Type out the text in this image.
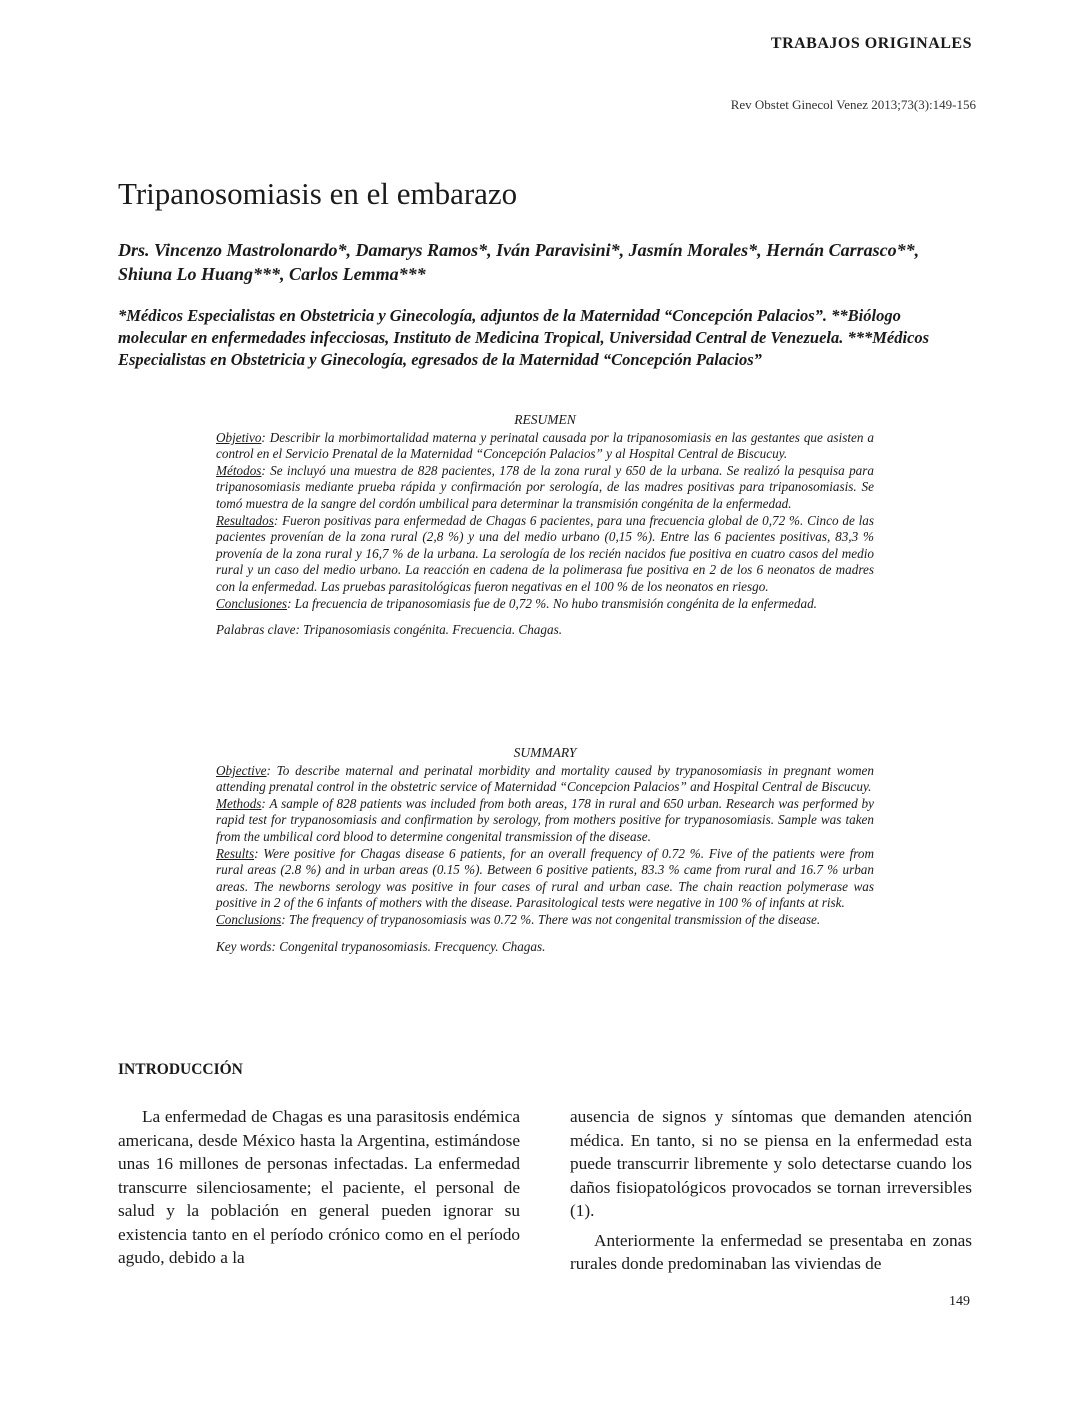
TRABAJOS ORIGINALES
Rev Obstet Ginecol Venez 2013;73(3):149-156
Tripanosomiasis en el embarazo

Drs. Vincenzo Mastrolonardo*, Damarys Ramos*, Iván Paravisini*, Jasmín Morales*, Hernán Carrasco**, Shiuna Lo Huang***, Carlos Lemma***

*Médicos Especialistas en Obstetricia y Ginecología, adjuntos de la Maternidad “Concepción Palacios”. **Biólogo molecular en enfermedades infecciosas, Instituto de Medicina Tropical, Universidad Central de Venezuela. ***Médicos Especialistas en Obstetricia y Ginecología, egresados de la Maternidad “Concepción Palacios”

RESUMEN

Objetivo: Describir la morbimortalidad materna y perinatal causada por la tripanosomiasis en las gestantes que asisten a control en el Servicio Prenatal de la Maternidad “Concepción Palacios” y al Hospital Central de Biscucuy.

Métodos: Se incluyó una muestra de 828 pacientes, 178 de la zona rural y 650 de la urbana. Se realizó la pesquisa para tripanosomiasis mediante prueba rápida y confirmación por serología, de las madres positivas para tripanosomiasis. Se tomó muestra de la sangre del cordón umbilical para determinar la transmisión congénita de la enfermedad.

Resultados: Fueron positivas para enfermedad de Chagas 6 pacientes, para una frecuencia global de 0,72 %. Cinco de las pacientes provenían de la zona rural (2,8 %) y una del medio urbano (0,15 %). Entre las 6 pacientes positivas, 83,3 % provenía de la zona rural y 16,7 % de la urbana. La serología de los recién nacidos fue positiva en cuatro casos del medio rural y un caso del medio urbano. La reacción en cadena de la polimerasa fue positiva en 2 de los 6 neonatos de madres con la enfermedad. Las pruebas parasitológicas fueron negativas en el 100 % de los neonatos en riesgo.

Conclusiones: La frecuencia de tripanosomiasis fue de 0,72 %. No hubo transmisión congénita de la enfermedad.

Palabras clave: Tripanosomiasis congénita. Frecuencia. Chagas.

SUMMARY

Objective: To describe maternal and perinatal morbidity and mortality caused by trypanosomiasis in pregnant women attending prenatal control in the obstetric service of Maternidad “Concepcion Palacios” and Hospital Central de Biscucuy.

Methods: A sample of 828 patients was included from both areas, 178 in rural and 650 urban. Research was performed by rapid test for trypanosomiasis and confirmation by serology, from mothers positive for trypanosomiasis. Sample was taken from the umbilical cord blood to determine congenital transmission of the disease.

Results: Were positive for Chagas disease 6 patients, for an overall frequency of 0.72 %. Five of the patients were from rural areas (2.8 %) and in urban areas (0.15 %). Between 6 positive patients, 83.3 % came from rural and 16.7 % urban areas. The newborns serology was positive in four cases of rural and urban case. The chain reaction polymerase was positive in 2 of the 6 infants of mothers with the disease. Parasitological tests were negative in 100 % of infants at risk.

Conclusions: The frequency of trypanosomiasis was 0.72 %. There was not congenital transmission of the disease.

Key words: Congenital trypanosomiasis. Frecquency. Chagas.

INTRODUCCIÓN

La enfermedad de Chagas es una parasitosis endémica americana, desde México hasta la Argentina, estimándose unas 16 millones de personas infectadas. La enfermedad transcurre silenciosamente; el paciente, el personal de salud y la población en general pueden ignorar su existencia tanto en el período crónico como en el período agudo, debido a la

ausencia de signos y síntomas que demanden atención médica. En tanto, si no se piensa en la enfermedad esta puede transcurrir libremente y solo detectarse cuando los daños fisiopatológicos provocados se tornan irreversibles (1).

Anteriormente la enfermedad se presentaba en zonas rurales donde predominaban las viviendas de

149
